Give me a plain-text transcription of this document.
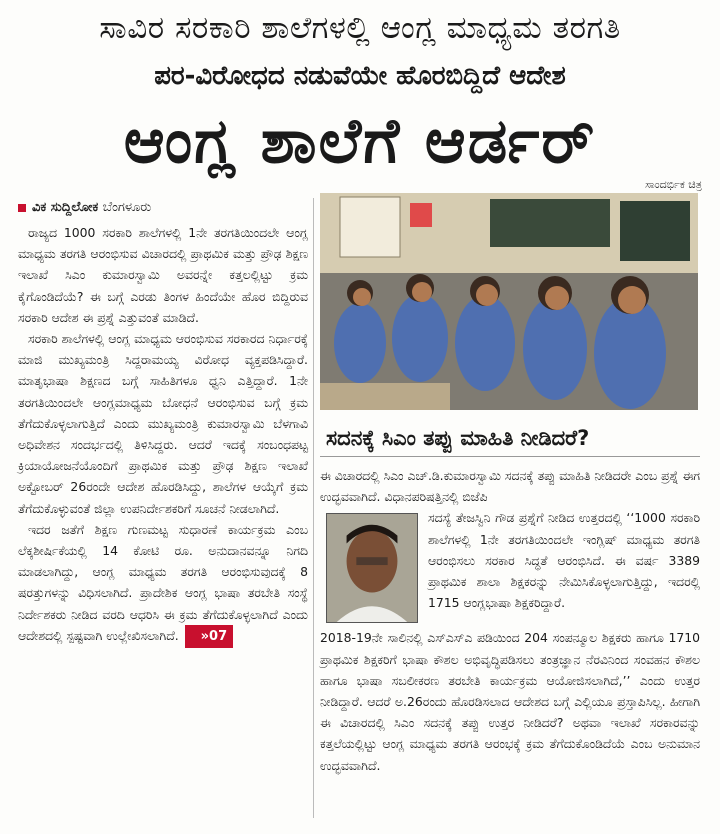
ಸಾವಿರ ಸರಕಾರಿ ಶಾಲೆಗಳಲ್ಲಿ ಆಂಗ್ಲ ಮಾಧ್ಯಮ ತರಗತಿ
ಪರ-ವಿರೋಧದ ನಡುವೆಯೇ ಹೊರಬಿದ್ದಿದೆ ಆದೇಶ
ಆಂಗ್ಲ ಶಾಲೆಗೆ ಆರ್ಡರ್
ಸಾಂದರ್ಭಿಕ ಚಿತ್ರ
ವಿಕ ಸುದ್ದಿಲೋಕ ಬೆಂಗಳೂರು

ರಾಜ್ಯದ 1000 ಸರಕಾರಿ ಶಾಲೆಗಳಲ್ಲಿ 1ನೇ ತರಗತಿಯಿಂದಲೇ ಆಂಗ್ಲ ಮಾಧ್ಯಮ ತರಗತಿ ಆರಂಭಿಸುವ ವಿಚಾರದಲ್ಲಿ ಪ್ರಾಥಮಿಕ ಮತ್ತು ಪ್ರೌಢ ಶಿಕ್ಷಣ ಇಲಾಖೆ ಸಿಎಂ ಕುಮಾರಸ್ವಾಮಿ ಅವರನ್ನೇ ಕತ್ತಲಲ್ಲಿಟ್ಟು ಕ್ರಮ ಕೈಗೊಂಡಿದೆಯೆ? ಈ ಬಗ್ಗೆ ಎರಡು ತಿಂಗಳ ಹಿಂದೆಯೇ ಹೊರ ಬಿದ್ದಿರುವ ಸರಕಾರಿ ಆದೇಶ ಈ ಪ್ರಶ್ನೆ ಎತ್ತುವಂತೆ ಮಾಡಿದೆ.

ಸರಕಾರಿ ಶಾಲೆಗಳಲ್ಲಿ ಆಂಗ್ಲ ಮಾಧ್ಯಮ ಆರಂಭಿಸುವ ಸರಕಾರದ ನಿರ್ಧಾರಕ್ಕೆ ಮಾಜಿ ಮುಖ್ಯಮಂತ್ರಿ ಸಿದ್ದರಾಮಯ್ಯ ವಿರೋಧ ವ್ಯಕ್ತಪಡಿಸಿದ್ದಾರೆ. ಮಾತೃಭಾಷಾ ಶಿಕ್ಷಣದ ಬಗ್ಗೆ ಸಾಹಿತಿಗಳೂ ಧ್ವನಿ ಎತ್ತಿದ್ದಾರೆ. 1ನೇ ತರಗತಿಯಿಂದಲೇ ಆಂಗ್ಲಮಾಧ್ಯಮ ಬೋಧನೆ ಆರಂಭಿಸುವ ಬಗ್ಗೆ ಕ್ರಮ ತೆಗೆದುಕೊಳ್ಳಲಾಗುತ್ತಿದೆ ಎಂದು ಮುಖ್ಯಮಂತ್ರಿ ಕುಮಾರಸ್ವಾಮಿ ಬೆಳಗಾವಿ ಅಧಿವೇಶನ ಸಂದರ್ಭದಲ್ಲಿ ತಿಳಿಸಿದ್ದರು. ಆದರೆ ಇದಕ್ಕೆ ಸಂಬಂಧಪಟ್ಟ ಕ್ರಿಯಾಯೋಜನೆಯೊಂದಿಗೆ ಪ್ರಾಥಮಿಕ ಮತ್ತು ಪ್ರೌಢ ಶಿಕ್ಷಣ ಇಲಾಖೆ ಅಕ್ಟೋಬರ್ 26ರಂದೇ ಆದೇಶ ಹೊರಡಿಸಿದ್ದು, ಶಾಲೆಗಳ ಆಯ್ಕೆಗೆ ಕ್ರಮ ತೆಗೆದುಕೊಳ್ಳುವಂತೆ ಜಿಲ್ಲಾ ಉಪನಿರ್ದೇಶಕರಿಗೆ ಸೂಚನೆ ನೀಡಲಾಗಿದೆ.

ಇದರ ಜತೆಗೆ ಶಿಕ್ಷಣ ಗುಣಮಟ್ಟ ಸುಧಾರಣೆ ಕಾರ್ಯಕ್ರಮ ಎಂಬ ಲೆಕ್ಕಶೀರ್ಷಿಕೆಯಲ್ಲಿ 14 ಕೋಟಿ ರೂ. ಅನುದಾನವನ್ನೂ ನಿಗದಿ ಮಾಡಲಾಗಿದ್ದು, ಆಂಗ್ಲ ಮಾಧ್ಯಮ ತರಗತಿ ಆರಂಭಿಸುವುದಕ್ಕೆ 8 ಷರತ್ತುಗಳನ್ನು ವಿಧಿಸಲಾಗಿದೆ. ಪ್ರಾದೇಶಿಕ ಆಂಗ್ಲ ಭಾಷಾ ತರಬೇತಿ ಸಂಸ್ಥೆ ನಿರ್ದೇಶಕರು ನೀಡಿದ ವರದಿ ಆಧರಿಸಿ ಈ ಕ್ರಮ ತೆಗೆದುಕೊಳ್ಳಲಾಗಿದೆ ಎಂದು ಆದೇಶದಲ್ಲಿ ಸ್ಪಷ್ಟವಾಗಿ ಉಲ್ಲೇಖಿಸಲಾಗಿದೆ. »07

ಸದನಕ್ಕೆ ಸಿಎಂ ತಪ್ಪು ಮಾಹಿತಿ ನೀಡಿದರೆ?

ಈ ವಿಚಾರದಲ್ಲಿ ಸಿಎಂ ಎಚ್.ಡಿ.ಕುಮಾರಸ್ವಾಮಿ ಸದನಕ್ಕೆ ತಪ್ಪು ಮಾಹಿತಿ ನೀಡಿದರೇ ಎಂಬ ಪ್ರಶ್ನೆ ಈಗ ಉದ್ಭವವಾಗಿದೆ. ವಿಧಾನಪರಿಷತ್ತಿನಲ್ಲಿ ಬಿಜೆಪಿ

ಸದಸ್ಯೆ ತೇಜಸ್ವಿನಿ ಗೌಡ ಪ್ರಶ್ನೆಗೆ ನೀಡಿದ ಉತ್ತರದಲ್ಲಿ ‘‘1000 ಸರಕಾರಿ ಶಾಲೆಗಳಲ್ಲಿ 1ನೇ ತರಗತಿಯಿಂದಲೇ ಇಂಗ್ಲಿಷ್ ಮಾಧ್ಯಮ ತರಗತಿ ಆರಂಭಿಸಲು ಸರಕಾರ ಸಿದ್ಧತೆ ಆರಂಭಿಸಿದೆ. ಈ ವರ್ಷ 3389 ಪ್ರಾಥಮಿಕ ಶಾಲಾ ಶಿಕ್ಷಕರನ್ನು ನೇಮಿಸಿಕೊಳ್ಳಲಾಗುತ್ತಿದ್ದು, ಇದರಲ್ಲಿ 1715 ಆಂಗ್ಲಭಾಷಾ ಶಿಕ್ಷಕರಿದ್ದಾರೆ.

2018-19ನೇ ಸಾಲಿನಲ್ಲಿ ಎಸ್ಎಸ್ಎ ಪಡಿಯಿಂದ 204 ಸಂಪನ್ಮೂಲ ಶಿಕ್ಷಕರು ಹಾಗೂ 1710 ಪ್ರಾಥಮಿಕ ಶಿಕ್ಷಕರಿಗೆ ಭಾಷಾ ಕೌಶಲ ಅಭಿವೃದ್ಧಿಪಡಿಸಲು ತಂತ್ರಜ್ಞಾನ ನೆರವಿನಿಂದ ಸಂವಹನ ಕೌಶಲ ಹಾಗೂ ಭಾಷಾ ಸಬಲೀಕರಣ ತರಬೇತಿ ಕಾರ್ಯಕ್ರಮ ಆಯೋಜಿಸಲಾಗಿದೆ,’’ ಎಂದು ಉತ್ತರ ನೀಡಿದ್ದಾರೆ. ಆದರೆ ಅ.26ರಂದು ಹೊರಡಿಸಲಾದ ಆದೇಶದ ಬಗ್ಗೆ ಎಲ್ಲಿಯೂ ಪ್ರಸ್ತಾಪಿಸಿಲ್ಲ. ಹೀಗಾಗಿ ಈ ವಿಚಾರದಲ್ಲಿ ಸಿಎಂ ಸದನಕ್ಕೆ ತಪ್ಪು ಉತ್ತರ ನೀಡಿದರೆ? ಅಥವಾ ಇಲಾಖೆ ಸರಕಾರವನ್ನು ಕತ್ತಲೆಯಲ್ಲಿಟ್ಟು ಆಂಗ್ಲ ಮಾಧ್ಯಮ ತರಗತಿ ಆರಂಭಕ್ಕೆ ಕ್ರಮ ತೆಗೆದುಕೊಂಡಿದೆಯೆ ಎಂಬ ಅನುಮಾನ ಉದ್ಭವವಾಗಿದೆ.
